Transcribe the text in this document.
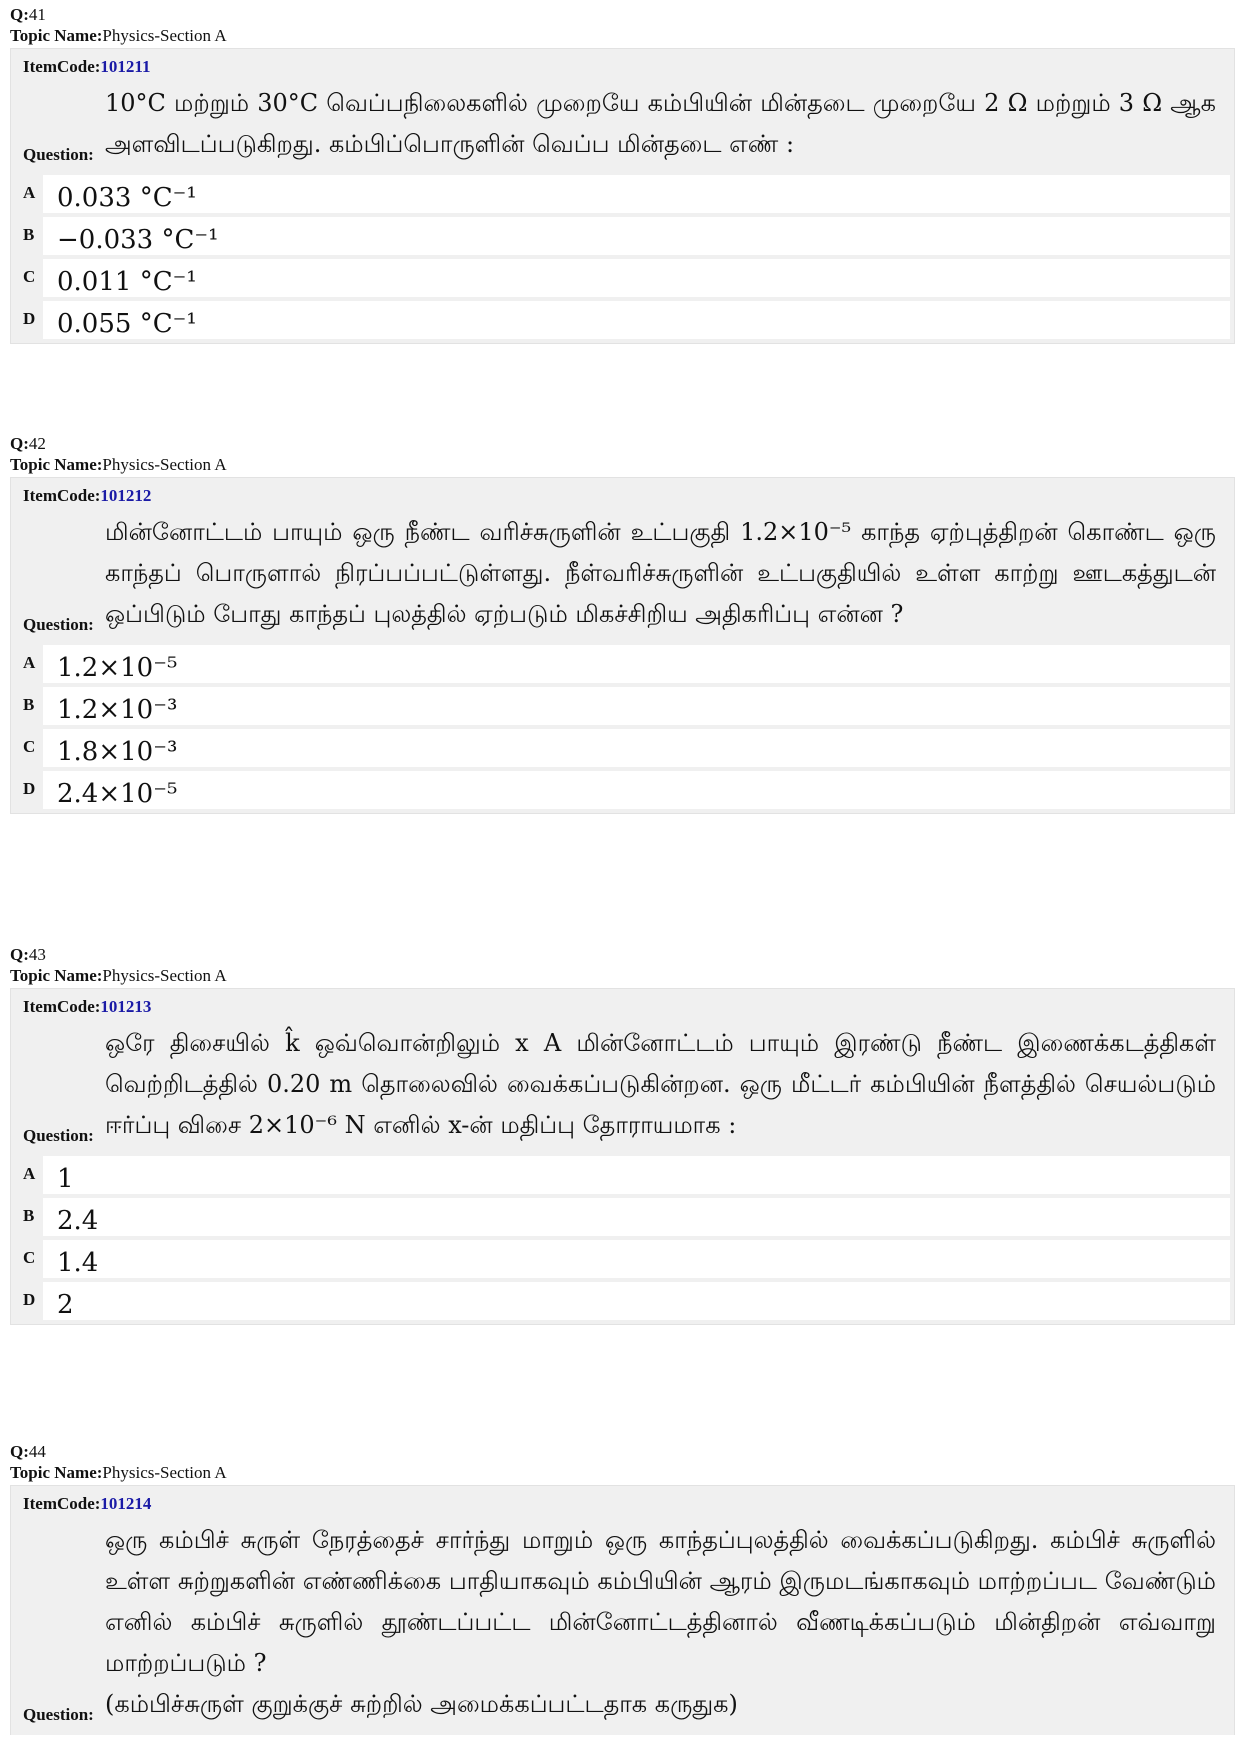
Q:41
Topic Name:Physics-Section A
ItemCode:101211
Question:
10°C மற்றும் 30°C வெப்பநிலைகளில் முறையே கம்பியின் மின்தடை முறையே 2 Ω மற்றும் 3 Ω ஆக அளவிடப்படுகிறது. கம்பிப்பொருளின் வெப்ப மின்தடை எண் :
A 0.033 °C⁻¹
B −0.033 °C⁻¹
C 0.011 °C⁻¹
D 0.055 °C⁻¹
Q:42
Topic Name:Physics-Section A
ItemCode:101212
Question:
மின்னோட்டம் பாயும் ஒரு நீண்ட வரிச்சுருளின் உட்பகுதி 1.2×10⁻⁵ காந்த ஏற்புத்திறன் கொண்ட ஒரு காந்தப் பொருளால் நிரப்பப்பட்டுள்ளது. நீள்வரிச்சுருளின் உட்பகுதியில் உள்ள காற்று ஊடகத்துடன் ஒப்பிடும் போது காந்தப் புலத்தில் ஏற்படும் மிகச்சிறிய அதிகரிப்பு என்ன ?
A 1.2×10⁻⁵
B 1.2×10⁻³
C 1.8×10⁻³
D 2.4×10⁻⁵
Q:43
Topic Name:Physics-Section A
ItemCode:101213
Question:
ஒரே திசையில் k̂ ஒவ்வொன்றிலும் x A மின்னோட்டம் பாயும் இரண்டு நீண்ட இணைக்கடத்திகள் வெற்றிடத்தில் 0.20 m தொலைவில் வைக்கப்படுகின்றன. ஒரு மீட்டர் கம்பியின் நீளத்தில் செயல்படும் ஈர்ப்பு விசை 2×10⁻⁶ N எனில் x-ன் மதிப்பு தோராயமாக :
A 1
B 2.4
C 1.4
D 2
Q:44
Topic Name:Physics-Section A
ItemCode:101214
Question:
ஒரு கம்பிச் சுருள் நேரத்தைச் சார்ந்து மாறும் ஒரு காந்தப்புலத்தில் வைக்கப்படுகிறது. கம்பிச் சுருளில் உள்ள சுற்றுகளின் எண்ணிக்கை பாதியாகவும் கம்பியின் ஆரம் இருமடங்காகவும் மாற்றப்பட வேண்டும் எனில் கம்பிச் சுருளில் தூண்டப்பட்ட மின்னோட்டத்தினால் வீணடிக்கப்படும் மின்திறன் எவ்வாறு மாற்றப்படும் ?
(கம்பிச்சுருள் குறுக்குச் சுற்றில் அமைக்கப்பட்டதாக கருதுக)
